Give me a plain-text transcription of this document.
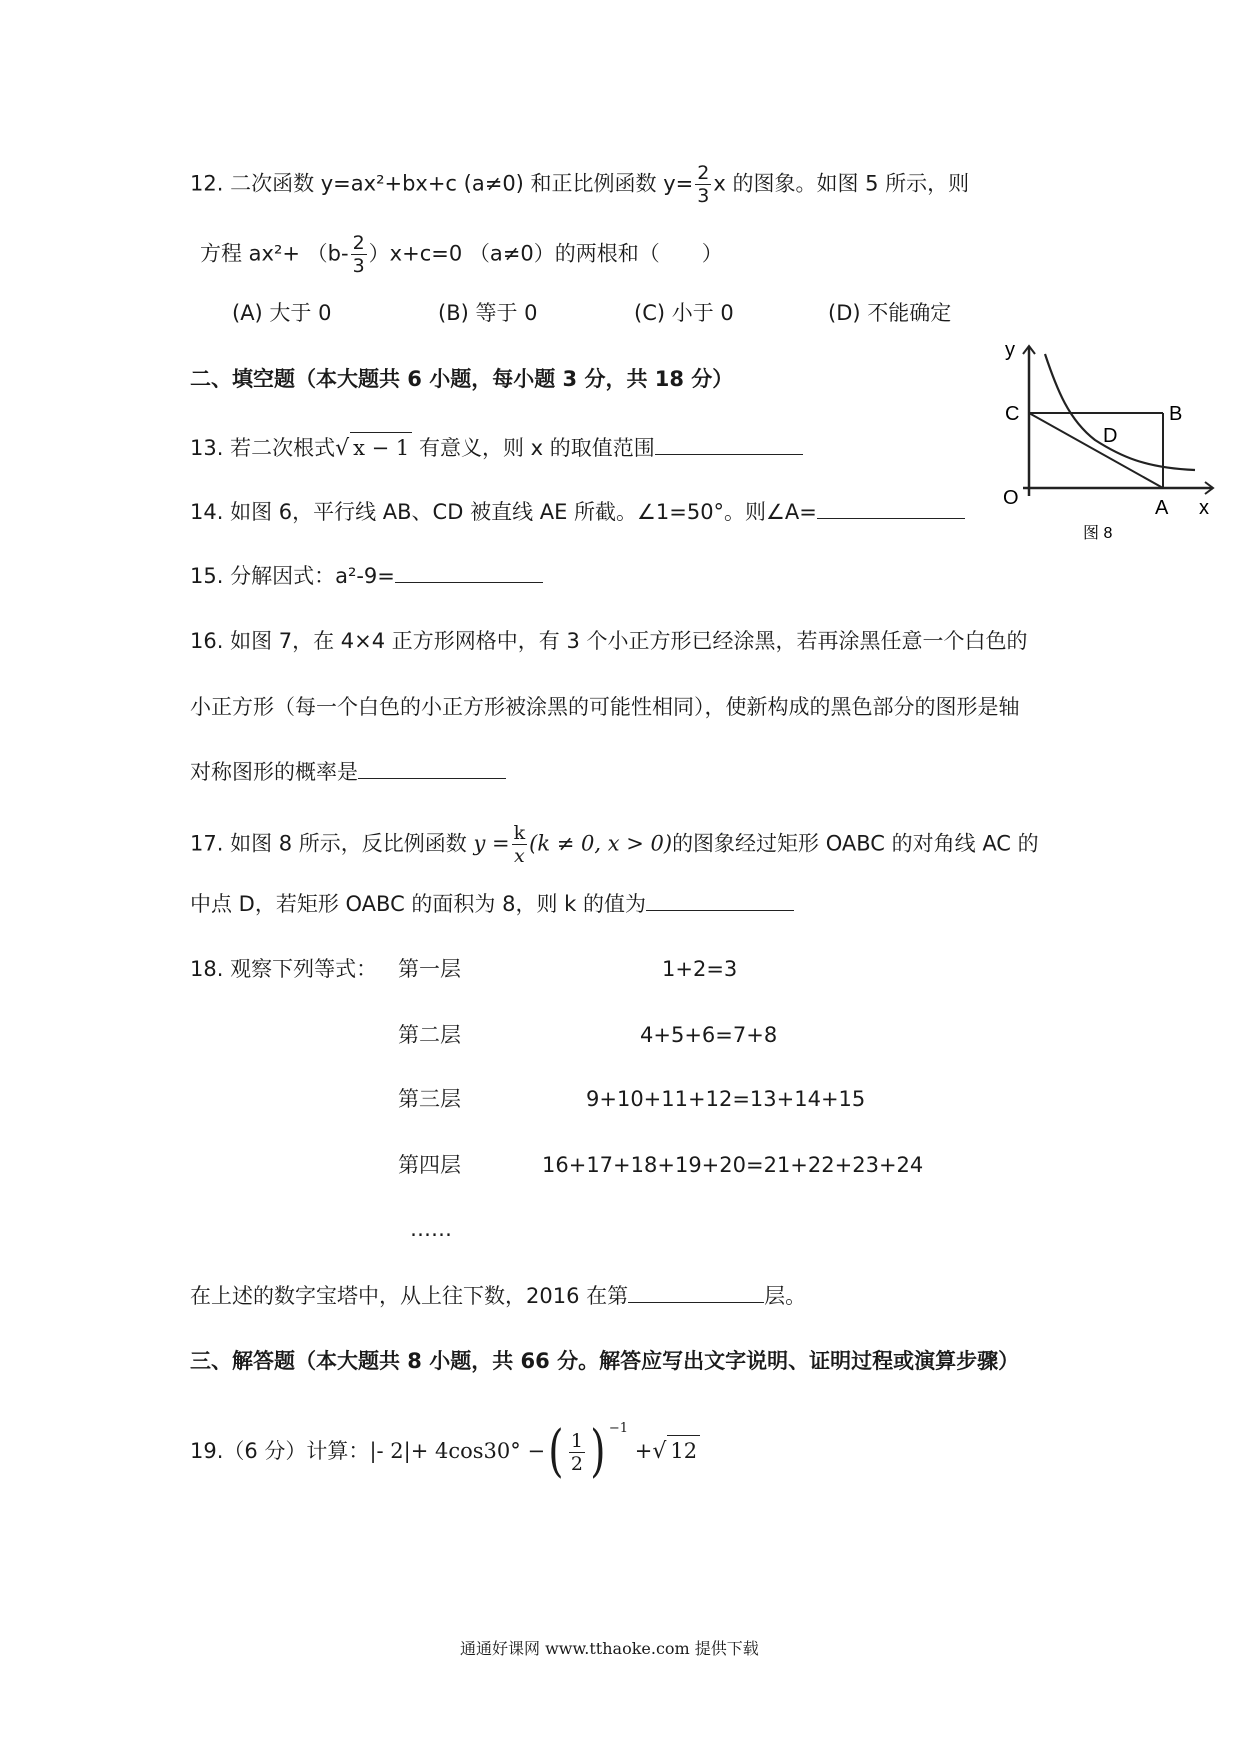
12. 二次函数 y=ax²+bx+c (a≠0) 和正比例函数 $y= \frac{2}{3}$ x 的图象。如图 5 所示，则
方程 $ax^2+ (b- \frac{2}{3} )x+c=0$ （a≠0）的两根和（　　）
(A) 大于 0	(B) 等于 0	(C) 小于 0	(D) 不能确定
二、填空题（本大题共 6 小题，每小题 3 分，共 18 分）
13. 若二次根式√ x − 1 有意义，则 x 的取值范围
14. 如图 6，平行线 AB、CD 被直线 AE 所截。∠1=50°。则∠A=
15. 分解因式：a²-9=
16. 如图 7，在 4×4 正方形网格中，有 3 个小正方形已经涂黑，若再涂黑任意一个白色的
小正方形（每一个白色的小正方形被涂黑的可能性相同），使新构成的黑色部分的图形是轴
对称图形的概率是
17. 如图 8 所示，反比例函数 $y = \frac{k}{x} (k \ne 0$, x > 0)的图象经过矩形 OABC 的对角线 AC 的
中点 D，若矩形 OABC 的面积为 8，则 k 的值为
18. 观察下列等式： 第一层	1+2=3
第二层	4+5+6=7+8
第三层	9+10+11+12=13+14+15
第四层	16+17+18+19+20=21+22+23+24
……
在上述的数字宝塔中，从上往下数，2016 在第	层。
三、解答题（本大题共 8 小题，共 66 分。解答应写出文字说明、证明过程或演算步骤）
19.（6 分）计算：|- 2|+ 4cos30° −( $\frac{1}{2}$ ) $^{-1}$ +√ 12
y
x
O	A
B
C
D
图 8
通通好课网 www.tthaoke.com 提供下载
